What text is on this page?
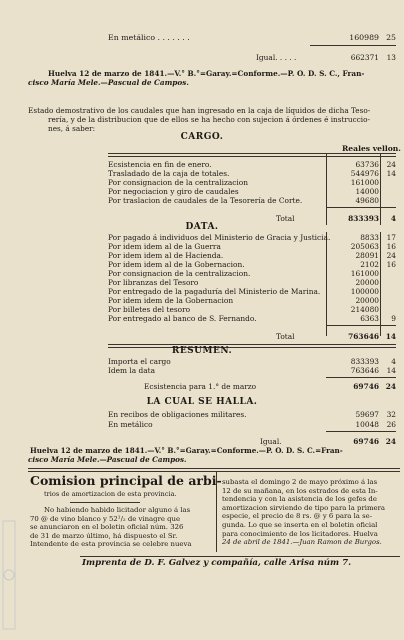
En metálico . . . . . . .	160989 25
Igual. . . . .	662371	13
Huelva 12 de marzo de 1841.—V.° B.°=Garay.=Conforme.—P. O. D. S. C., Fran-
cisco María Mele.—Pascual de Campos.
Estado demostrativo de los caudales que han ingresado en la caja de líquidos de dicha Teso-
rería, y de la distribucion que de ellos se ha hecho con sujecion á órdenes é instruccio-
nes, á saber:
CARGO.
Reales vellon.
Ecsistencia en fin de enero.	63736	24
Trasladado de la caja de totales.	544976	14
Por consignacion de la centralizacion	161000
Por negociacion y giro de caudales	14000
Por traslacion de caudales de la Tesorería de Corte.	49680
Total	833393	4
DATA.
Por pagado á individuos del Ministerio de Gracia y Justicia.	8833	17
Por idem idem al de la Guerra	205063	16
Por idem idem al de Hacienda.	28091	24
Por idem idem al de la Gobernacion.	2102	16
Por consignacion de la centralizacion.	161000
Por libranzas del Tesoro	20000
Por entregado de la pagaduría del Ministerio de Marina.	100000
Por idem idem de la Gobernacion	20000
Por billetes del tesoro	214080
Por entregado al banco de S. Fernando.	6363	9
Total	763646 14
RESUMEN.
Importa el cargo	833393	4
Idem la data	763646	14
Ecsistencia para 1.° de marzo	69746 24
LA CUAL SE HALLA.
En recibos de obligaciones militares.	59697	32
En metálico	10048	26
Igual.	69746 24
Huelva 12 de marzo de 1841.—V.° B.°=Garay.=Conforme.—P. O. D. S. C.=Fran-
cisco María Mele.—Pascual de Campos.
Comision principal de arbi-
trios de amortizacion de esta provincia.
No habiendo habido licitador alguno á las
70 @ de vino blanco y 52¹/₂ de vinagre que
se anunciaron en el boletin oficial núm. 326
de 31 de marzo último, há dispuesto el Sr.
Intendente de esta provincia se celebre nueva
subasta el domingo 2 de mayo próximo á las
12 de su mañana, en los estrados de esta In-
tendencia y con la asistencia de los gefes de
amortizacion sirviendo de tipo para la primera
especie, el precio de 8 rs. @ y 6 para la se-
gunda. Lo que se inserta en el boletin oficial
para conocimiento de los licitadores. Huelva
24 de abril de 1841.—Juan Ramon de Burgos.
Imprenta de D. F. Galvez y compañía, calle Arisa núm 7.
